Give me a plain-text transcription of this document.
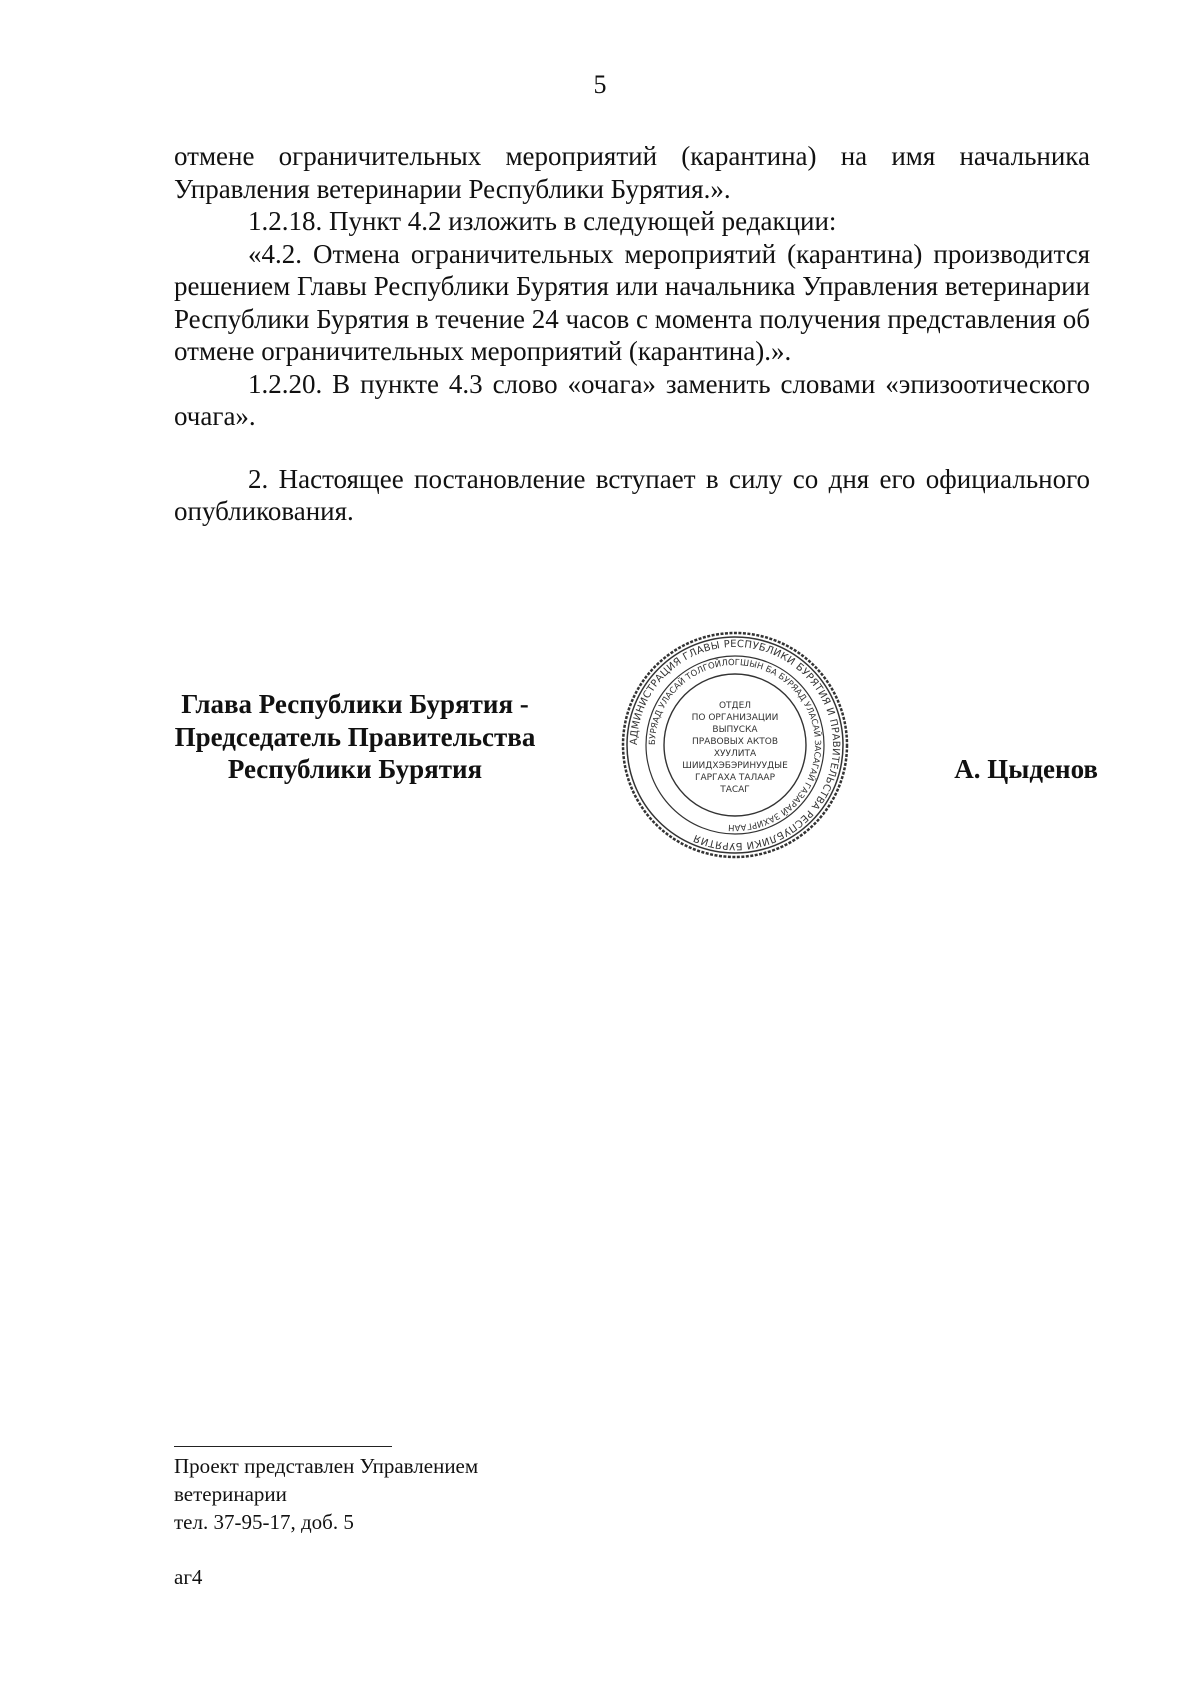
5

отмене ограничительных мероприятий (карантина) на имя начальника Управления ветеринарии Республики Бурятия.».

1.2.18. Пункт 4.2 изложить в следующей редакции:

«4.2. Отмена ограничительных мероприятий (карантина) производится решением Главы Республики Бурятия или начальника Управления ветеринарии Республики Бурятия в течение 24 часов с момента получения представления об отмене ограничительных мероприятий (карантина).».

1.2.20. В пункте 4.3 слово «очага» заменить словами «эпизоотического очага».

2. Настоящее постановление вступает в силу со дня его официального опубликования.

Глава Республики Бурятия -
Председатель Правительства
Республики Бурятия
АДМИНИСТРАЦИЯ ГЛАВЫ РЕСПУБЛИКИ БУРЯТИЯ И ПРАВИТЕЛЬСТВА РЕСПУБЛИКИ БУРЯТИЯ
БУРЯАД УЛАСАЙ ТОЛГОЙЛОГШЫН БА БУРЯАД УЛАСАЙ ЗАСАГАЙ ГАЗАРАЙ ЗАХИРГААН
ОТДЕЛ
ПО ОРГАНИЗАЦИИ
ВЫПУСКА
ПРАВОВЫХ АКТОВ
ХУУЛИТА
ШИИДХЭБЭРИНУУДЫЕ
ГАРГАХА ТАЛААР
ТАСАГ
А. Цыденов
Проект представлен Управлением
ветеринарии
тел. 37-95-17, доб. 5
аг4
